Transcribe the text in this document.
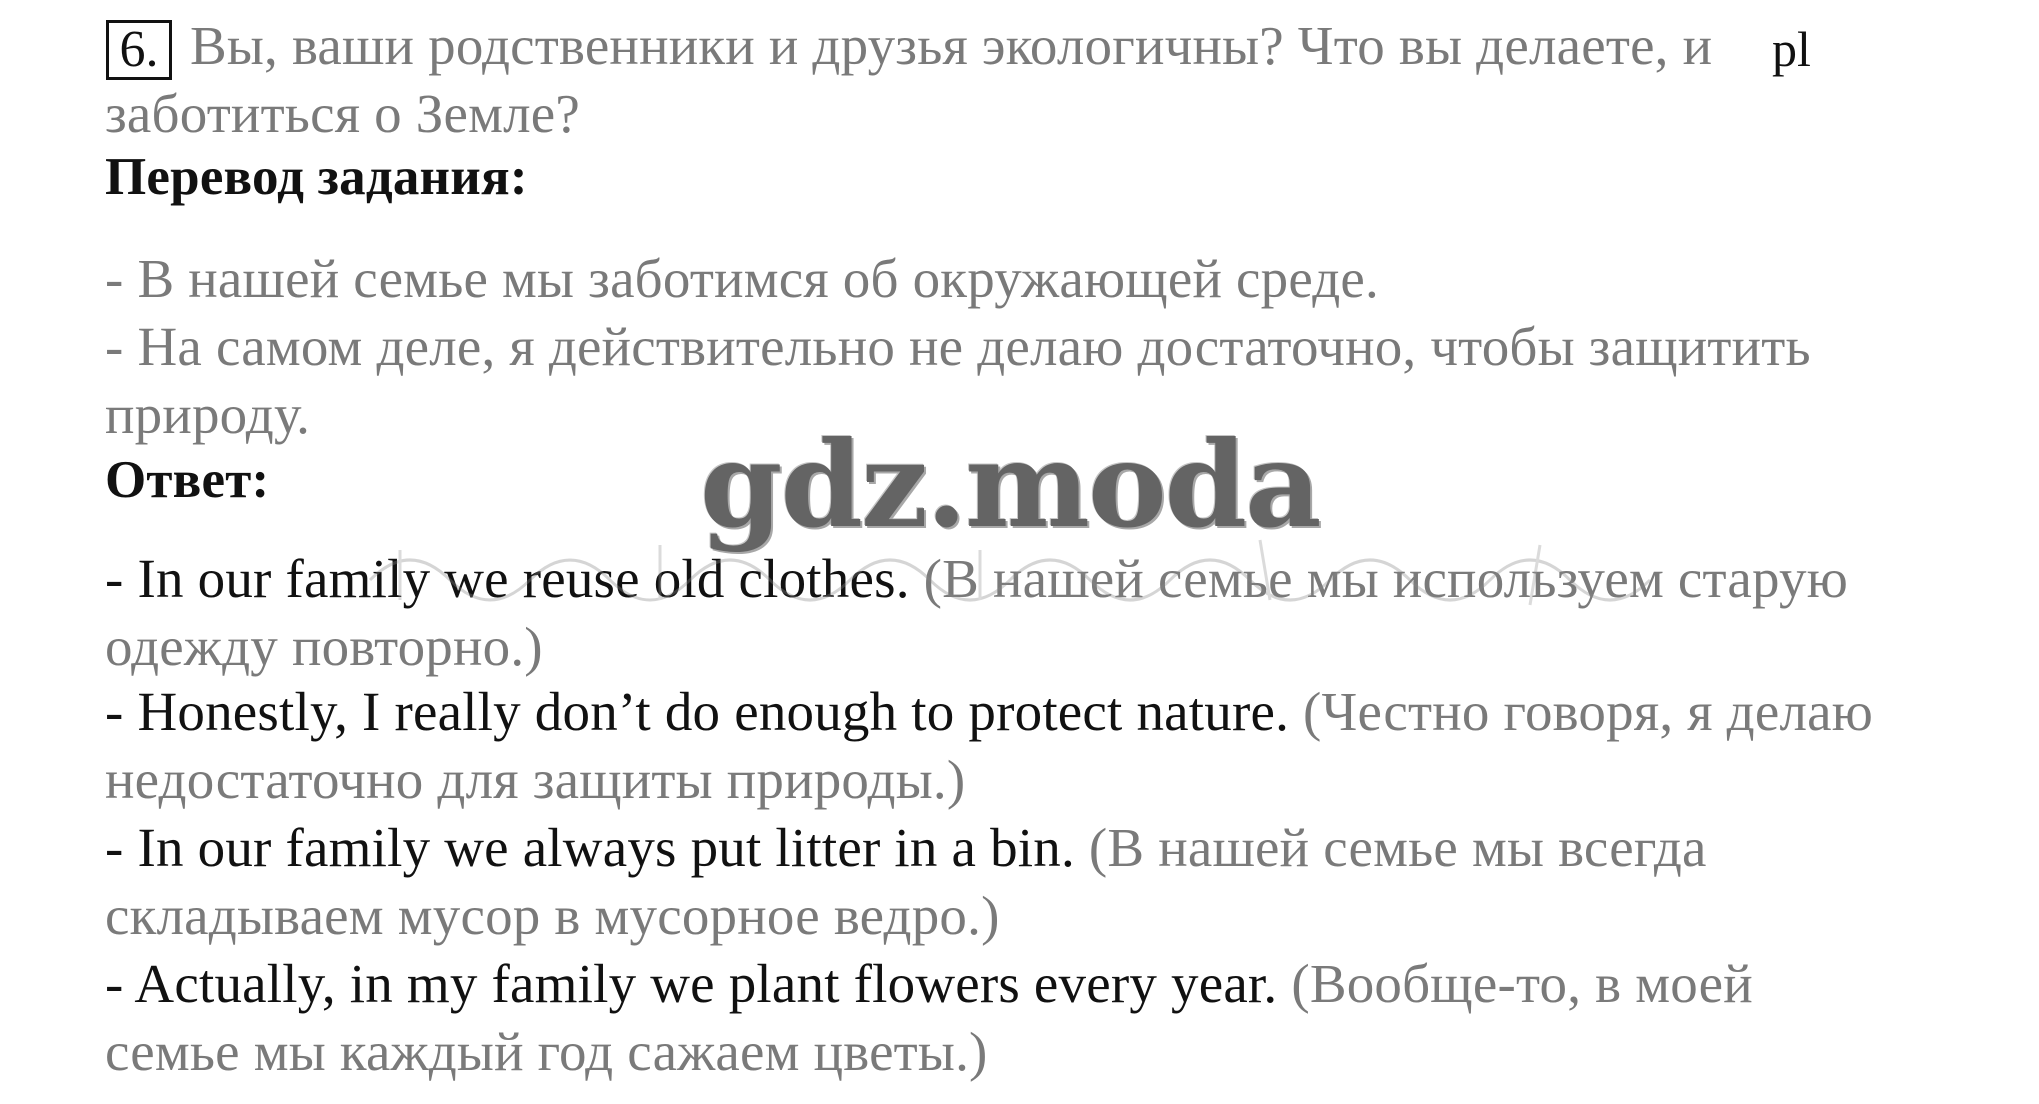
6. Вы, ваши родственники и друзья экологичны? Что вы делаете, и
заботиться о Земле?
pl
Перевод задания:
- В нашей семье мы заботимся об окружающей среде.
- На самом деле, я действительно не делаю достаточно, чтобы защитить
природу.
Ответ:
- In our family we reuse old clothes. (В нашей семье мы используем старую
одежду повторно.)
- Honestly, I really don’t do enough to protect nature. (Честно говоря, я делаю
недостаточно для защиты природы.)
- In our family we always put litter in a bin. (В нашей семье мы всегда
складываем мусор в мусорное ведро.)
- Actually, in my family we plant flowers every year. (Вообще-то, в моей
семье мы каждый год сажаем цветы.)
gdz.moda
